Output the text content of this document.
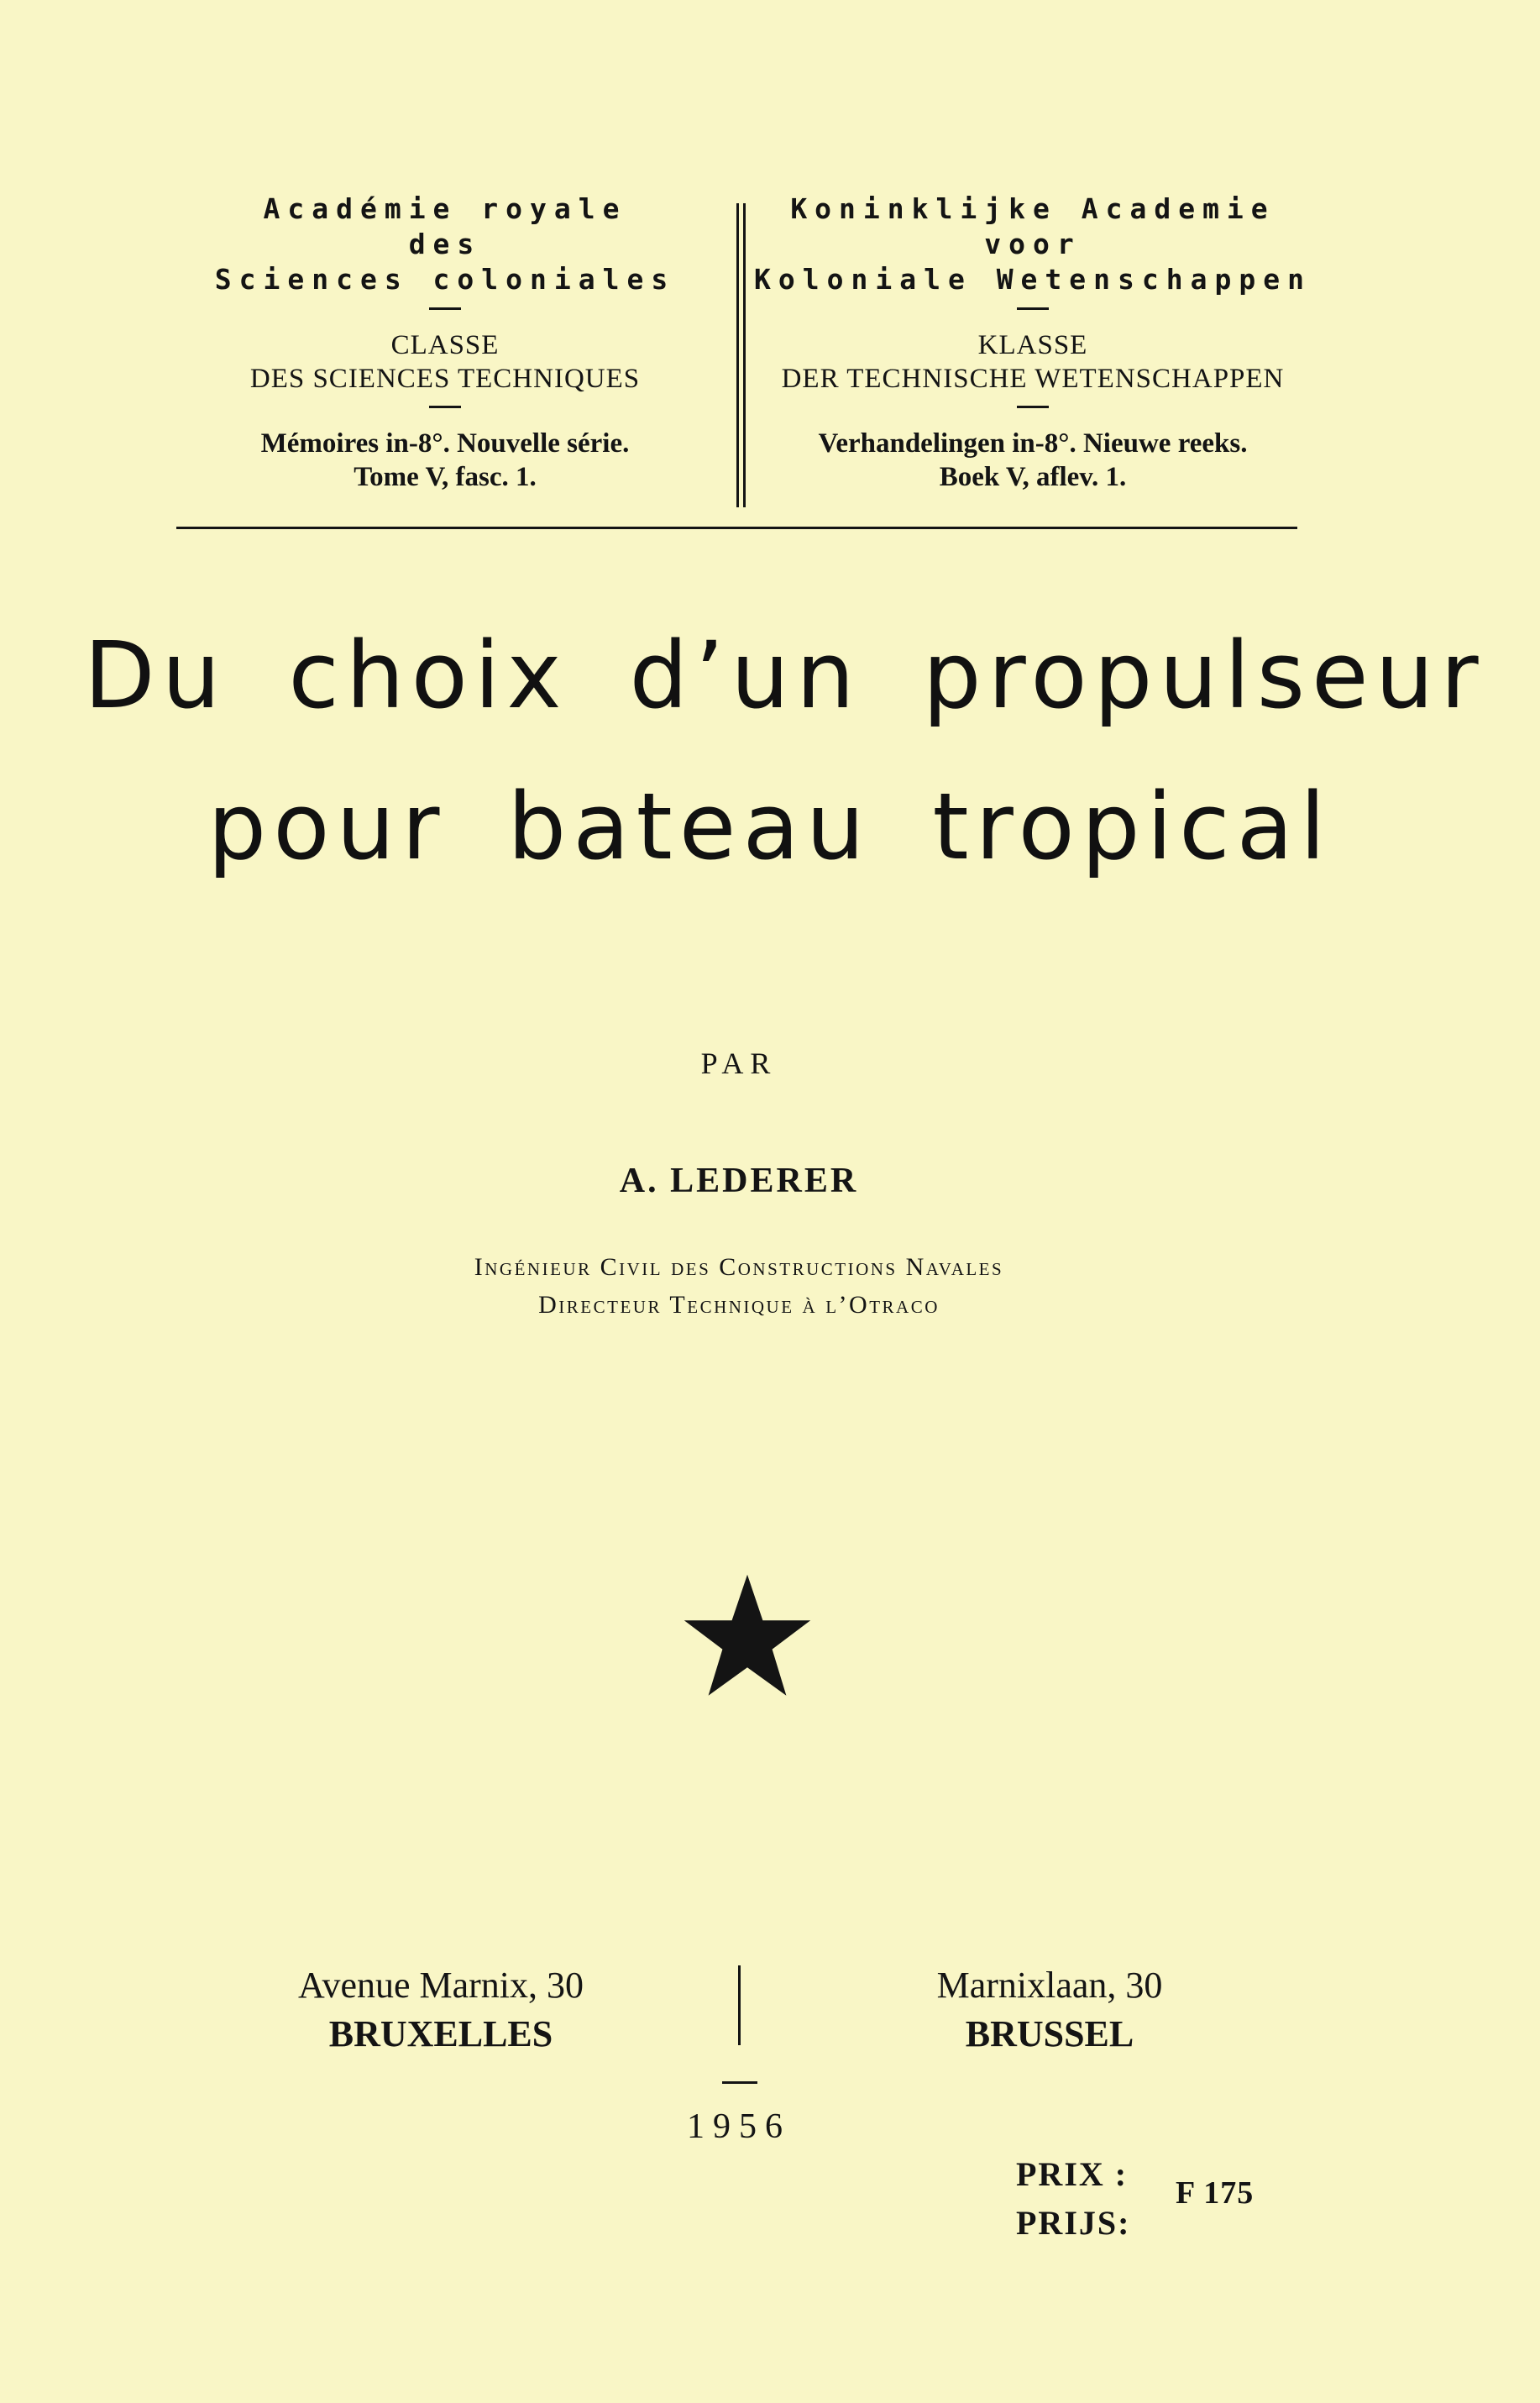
Académie royale
des
Sciences coloniales
CLASSE
DES SCIENCES TECHNIQUES
Mémoires in-8°. Nouvelle série.
Tome V, fasc. 1.
Koninklijke Academie
voor
Koloniale Wetenschappen
KLASSE
DER TECHNISCHE WETENSCHAPPEN
Verhandelingen in-8°. Nieuwe reeks.
Boek V, aflev. 1.
Du choix d’un propulseur
pour bateau tropical
PAR
A. LEDERER
Ingénieur Civil des Constructions Navales
Directeur Technique à l’Otraco
Avenue Marnix, 30
BRUXELLES
Marnixlaan, 30
BRUSSEL
1956
PRIX :
PRIJS:
F 175
